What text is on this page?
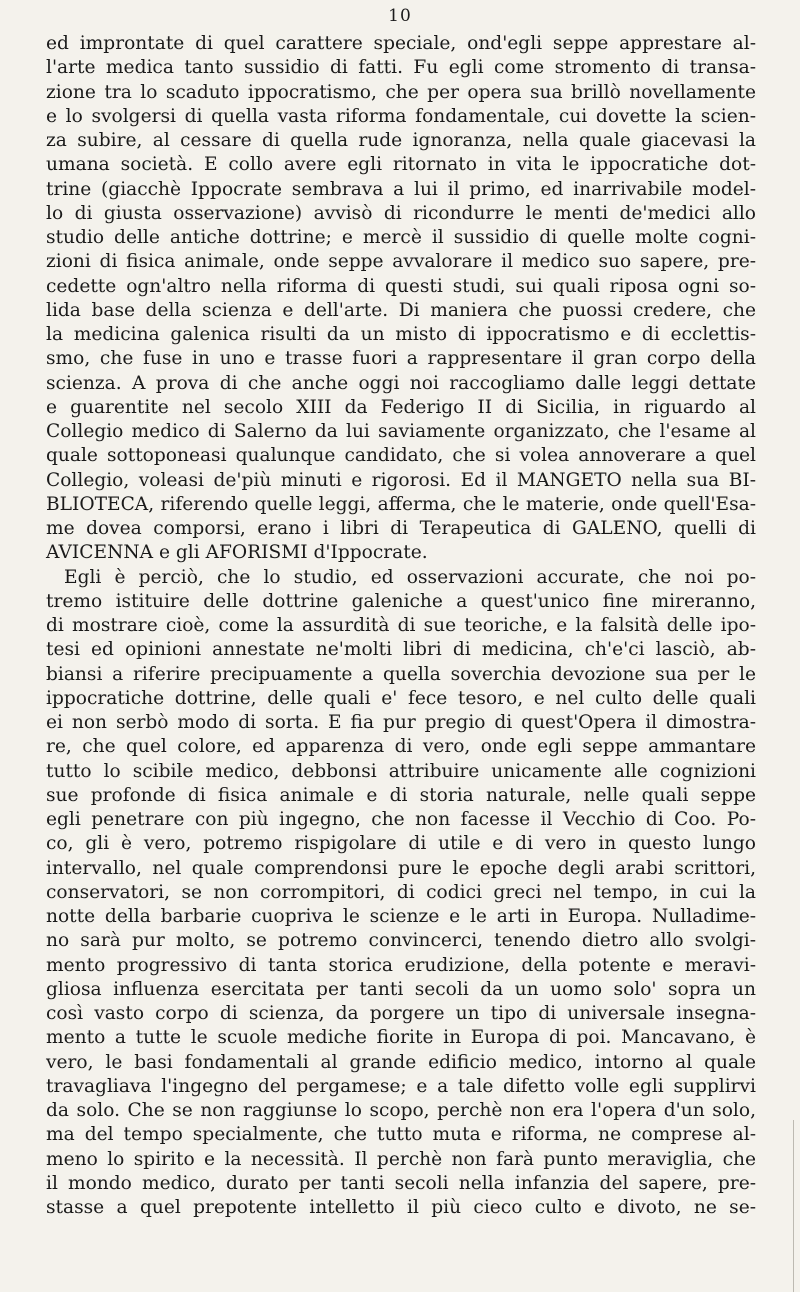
10
ed improntate di quel carattere speciale, ond'egli seppe apprestare al-
l'arte medica tanto sussidio di fatti. Fu egli come stromento di transa-
zione tra lo scaduto ippocratismo, che per opera sua brillò novellamente
e lo svolgersi di quella vasta riforma fondamentale, cui dovette la scien-
za subire, al cessare di quella rude ignoranza, nella quale giacevasi la
umana società. E collo avere egli ritornato in vita le ippocratiche dot-
trine (giacchè Ippocrate sembrava a lui il primo, ed inarrivabile model-
lo di giusta osservazione) avvisò di ricondurre le menti de'medici allo
studio delle antiche dottrine; e mercè il sussidio di quelle molte cogni-
zioni di fisica animale, onde seppe avvalorare il medico suo sapere, pre-
cedette ogn'altro nella riforma di questi studi, sui quali riposa ogni so-
lida base della scienza e dell'arte. Di maniera che puossi credere, che
la medicina galenica risulti da un misto di ippocratismo e di ecclettis-
smo, che fuse in uno e trasse fuori a rappresentare il gran corpo della
scienza. A prova di che anche oggi noi raccogliamo dalle leggi dettate
e guarentite nel secolo XIII da Federigo II di Sicilia, in riguardo al
Collegio medico di Salerno da lui saviamente organizzato, che l'esame al
quale sottoponeasi qualunque candidato, che si volea annoverare a quel
Collegio, voleasi de'più minuti e rigorosi. Ed il MANGETO nella sua BI-
BLIOTECA, riferendo quelle leggi, afferma, che le materie, onde quell'Esa-
me dovea comporsi, erano i libri di Terapeutica di GALENO, quelli di
AVICENNA e gli AFORISMI d'Ippocrate.
Egli è perciò, che lo studio, ed osservazioni accurate, che noi po-
tremo istituire delle dottrine galeniche a quest'unico fine mireranno,
di mostrare cioè, come la assurdità di sue teoriche, e la falsità delle ipo-
tesi ed opinioni annestate ne'molti libri di medicina, ch'e'ci lasciò, ab-
biansi a riferire precipuamente a quella soverchia devozione sua per le
ippocratiche dottrine, delle quali e' fece tesoro, e nel culto delle quali
ei non serbò modo di sorta. E fia pur pregio di quest'Opera il dimostra-
re, che quel colore, ed apparenza di vero, onde egli seppe ammantare
tutto lo scibile medico, debbonsi attribuire unicamente alle cognizioni
sue profonde di fisica animale e di storia naturale, nelle quali seppe
egli penetrare con più ingegno, che non facesse il Vecchio di Coo. Po-
co, gli è vero, potremo rispigolare di utile e di vero in questo lungo
intervallo, nel quale comprendonsi pure le epoche degli arabi scrittori,
conservatori, se non corrompitori, di codici greci nel tempo, in cui la
notte della barbarie cuopriva le scienze e le arti in Europa. Nulladime-
no sarà pur molto, se potremo convincerci, tenendo dietro allo svolgi-
mento progressivo di tanta storica erudizione, della potente e meravi-
gliosa influenza esercitata per tanti secoli da un uomo solo' sopra un
così vasto corpo di scienza, da porgere un tipo di universale insegna-
mento a tutte le scuole mediche fiorite in Europa di poi. Mancavano, è
vero, le basi fondamentali al grande edificio medico, intorno al quale
travagliava l'ingegno del pergamese; e a tale difetto volle egli supplirvi
da solo. Che se non raggiunse lo scopo, perchè non era l'opera d'un solo,
ma del tempo specialmente, che tutto muta e riforma, ne comprese al-
meno lo spirito e la necessità. Il perchè non farà punto meraviglia, che
il mondo medico, durato per tanti secoli nella infanzia del sapere, pre-
stasse a quel prepotente intelletto il più cieco culto e divoto, ne se-
